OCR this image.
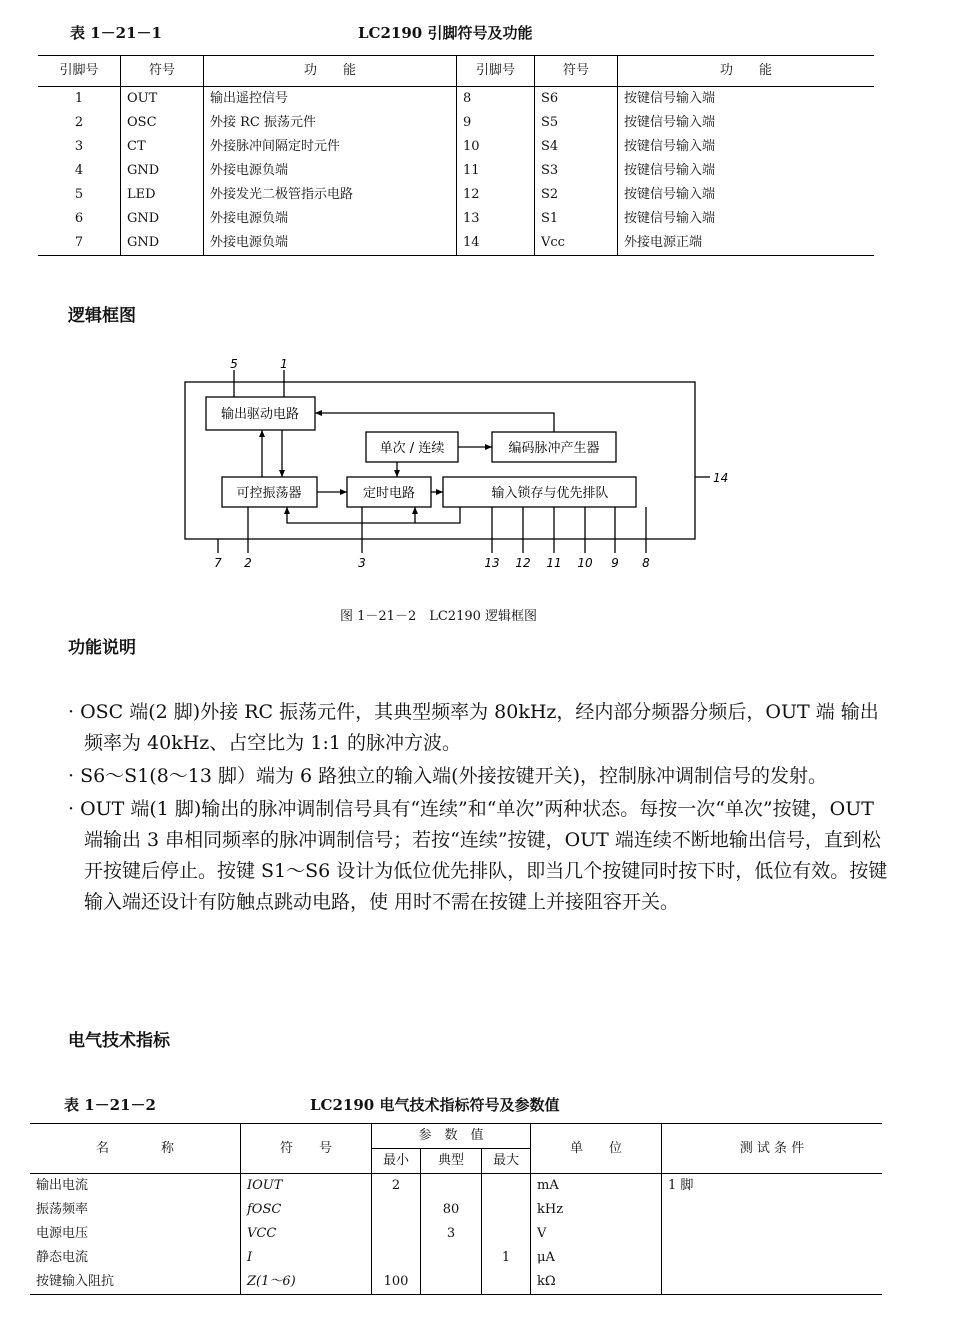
表 1－21－1	LC2190 引脚符号及功能
引脚号	符号	功　　能	引脚号	符号	功　　能
1	OUT	输出遥控信号	8	S6	按键信号输入端
2	OSC	外接 RC 振荡元件	9	S5	按键信号输入端
3	CT	外接脉冲间隔定时元件	10	S4	按键信号输入端
4	GND	外接电源负端	11	S3	按键信号输入端
5	LED	外接发光二极管指示电路	12	S2	按键信号输入端
6	GND	外接电源负端	13	S1	按键信号输入端
7	GND	外接电源负端	14	Vcc	外接电源正端
逻辑框图
输出驱动电路
单次 / 连续	编码脉冲产生器
可控振荡器	定时电路	输入锁存与优先排队
5	1
14
7 2	3	13 12 11 10 9 8
图 1－21－2　LC2190 逻辑框图
功能说明

· OSC 端(2 脚)外接 RC 振荡元件，其典型频率为 80kHz，经内部分频器分频后，OUT 端 输出频率为 40kHz、占空比为 1:1 的脉冲方波。

· S6～S1(8～13 脚）端为 6 路独立的输入端(外接按键开关)，控制脉冲调制信号的发射。

· OUT 端(1 脚)输出的脉冲调制信号具有“连续”和“单次”两种状态。每按一次“单次”按键，OUT 端输出 3 串相同频率的脉冲调制信号；若按“连续”按键，OUT 端连续不断地输出信号，直到松开按键后停止。按键 S1～S6 设计为低位优先排队，即当几个按键同时按下时，低位有效。按键输入端还设计有防触点跳动电路，使 用时不需在按键上并接阻容开关。

电气技术指标
表 1－21－2	LC2190 电气技术指标符号及参数值
名　　　　称	符　　号	参　数　值			单　　位	测 试 条 件
		最小	典型	最大		
输出电流	IOUT	2			mA	1 脚
振荡频率	fOSC		80		kHz	
电源电压	VCC		3		V	
静态电流	I			1	μA	
按键输入阻抗	Z(1～6)	100			kΩ	
